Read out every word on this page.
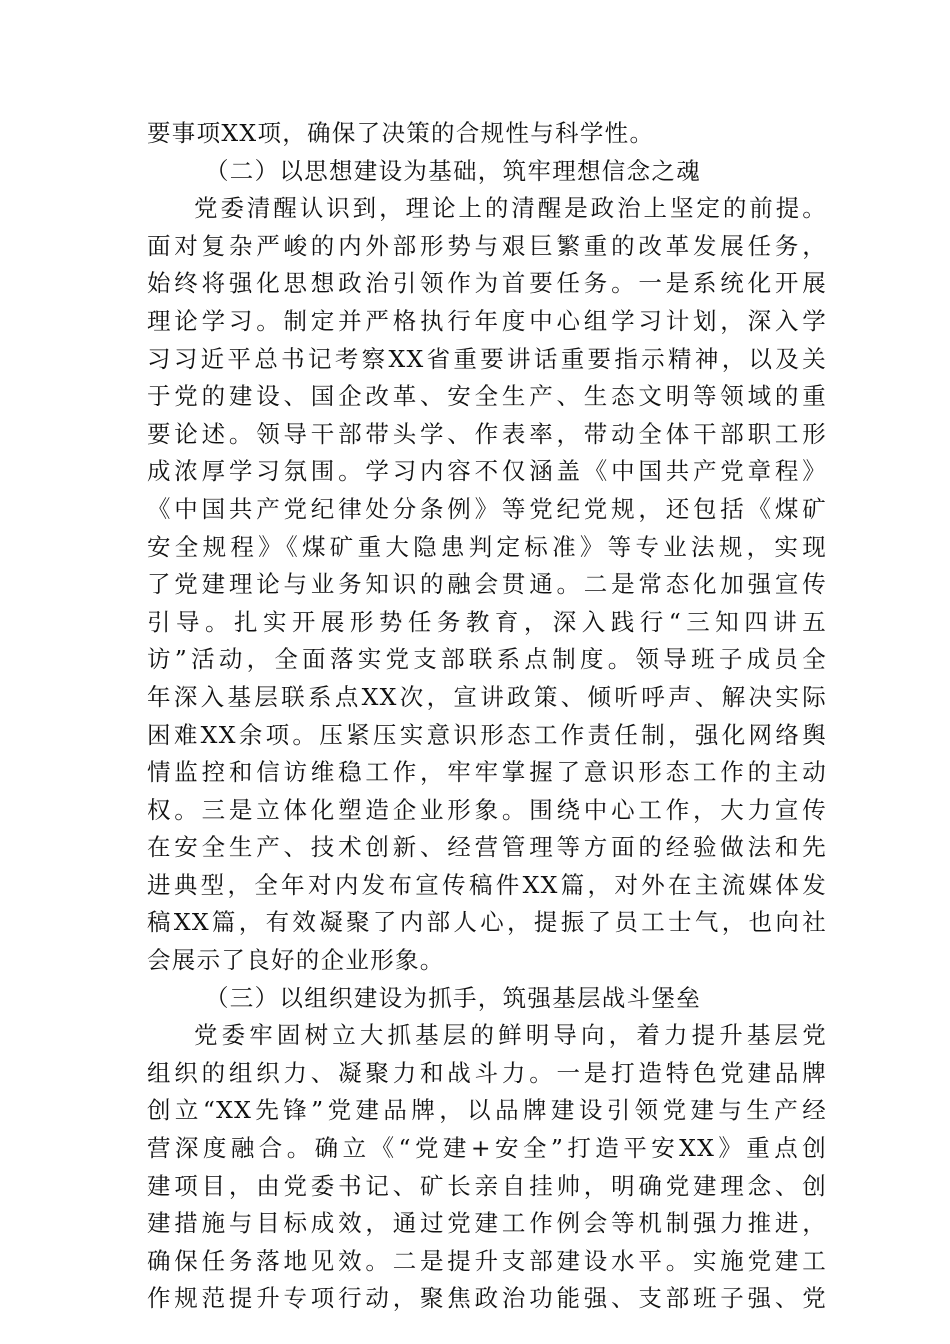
要事项XX项，确保了决策的合规性与科学性。
（二）以思想建设为基础，筑牢理想信念之魂
党委清醒认识到，理论上的清醒是政治上坚定的前提。
面对复杂严峻的内外部形势与艰巨繁重的改革发展任务，
始终将强化思想政治引领作为首要任务。一是系统化开展
理论学习。制定并严格执行年度中心组学习计划，深入学
习习近平总书记考察XX省重要讲话重要指示精神，以及关
于党的建设、国企改革、安全生产、生态文明等领域的重
要论述。领导干部带头学、作表率，带动全体干部职工形
成浓厚学习氛围。学习内容不仅涵盖《中国共产党章程》
《中国共产党纪律处分条例》等党纪党规，还包括《煤矿
安全规程》《煤矿重大隐患判定标准》等专业法规，实现
了党建理论与业务知识的融会贯通。二是常态化加强宣传
引导。扎实开展形势任务教育，深入践行“三知四讲五
访”活动，全面落实党支部联系点制度。领导班子成员全
年深入基层联系点XX次，宣讲政策、倾听呼声、解决实际
困难XX余项。压紧压实意识形态工作责任制，强化网络舆
情监控和信访维稳工作，牢牢掌握了意识形态工作的主动
权。三是立体化塑造企业形象。围绕中心工作，大力宣传
在安全生产、技术创新、经营管理等方面的经验做法和先
进典型，全年对内发布宣传稿件XX篇，对外在主流媒体发
稿XX篇，有效凝聚了内部人心，提振了员工士气，也向社
会展示了良好的企业形象。
（三）以组织建设为抓手，筑强基层战斗堡垒
党委牢固树立大抓基层的鲜明导向，着力提升基层党
组织的组织力、凝聚力和战斗力。一是打造特色党建品牌
创立“XX先锋”党建品牌，以品牌建设引领党建与生产经
营深度融合。确立《“党建+安全”打造平安XX》重点创
建项目，由党委书记、矿长亲自挂帅，明确党建理念、创
建措施与目标成效，通过党建工作例会等机制强力推进，
确保任务落地见效。二是提升支部建设水平。实施党建工
作规范提升专项行动，聚焦政治功能强、支部班子强、党
